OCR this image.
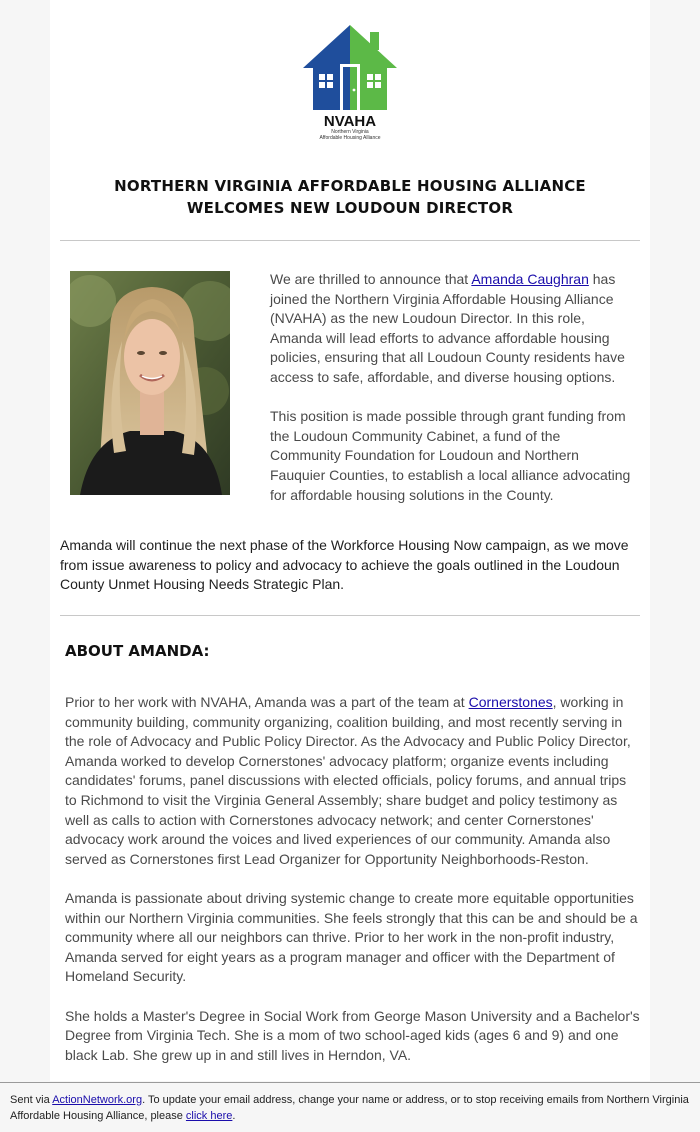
NVAHA
Northern Virginia
Affordable Housing Alliance
NORTHERN VIRGINIA AFFORDABLE HOUSING ALLIANCE
WELCOMES NEW LOUDOUN DIRECTOR

We are thrilled to announce that Amanda Caughran has joined the Northern Virginia Affordable Housing Alliance (NVAHA) as the new Loudoun Director. In this role, Amanda will lead efforts to advance affordable housing policies, ensuring that all Loudoun County residents have access to safe, affordable, and diverse housing options.

This position is made possible through grant funding from the Loudoun Community Cabinet, a fund of the Community Foundation for Loudoun and Northern Fauquier Counties, to establish a local alliance advocating for affordable housing solutions in the County.

Amanda will continue the next phase of the Workforce Housing Now campaign, as we move from issue awareness to policy and advocacy to achieve the goals outlined in the Loudoun County Unmet Housing Needs Strategic Plan.

ABOUT AMANDA:

Prior to her work with NVAHA, Amanda was a part of the team at Cornerstones, working in community building, community organizing, coalition building, and most recently serving in the role of Advocacy and Public Policy Director. As the Advocacy and Public Policy Director, Amanda worked to develop Cornerstones' advocacy platform; organize events including candidates' forums, panel discussions with elected officials, policy forums, and annual trips to Richmond to visit the Virginia General Assembly; share budget and policy testimony as well as calls to action with Cornerstones advocacy network; and center Cornerstones' advocacy work around the voices and lived experiences of our community. Amanda also served as Cornerstones first Lead Organizer for Opportunity Neighborhoods-Reston.

Amanda is passionate about driving systemic change to create more equitable opportunities within our Northern Virginia communities. She feels strongly that this can be and should be a community where all our neighbors can thrive. Prior to her work in the non-profit industry, Amanda served for eight years as a program manager and officer with the Department of Homeland Security.

She holds a Master's Degree in Social Work from George Mason University and a Bachelor's Degree from Virginia Tech. She is a mom of two school-aged kids (ages 6 and 9) and one black Lab. She grew up in and still lives in Herndon, VA.

Sent via ActionNetwork.org. To update your email address, change your name or address, or to stop receiving emails from Northern Virginia Affordable Housing Alliance, please click here.
